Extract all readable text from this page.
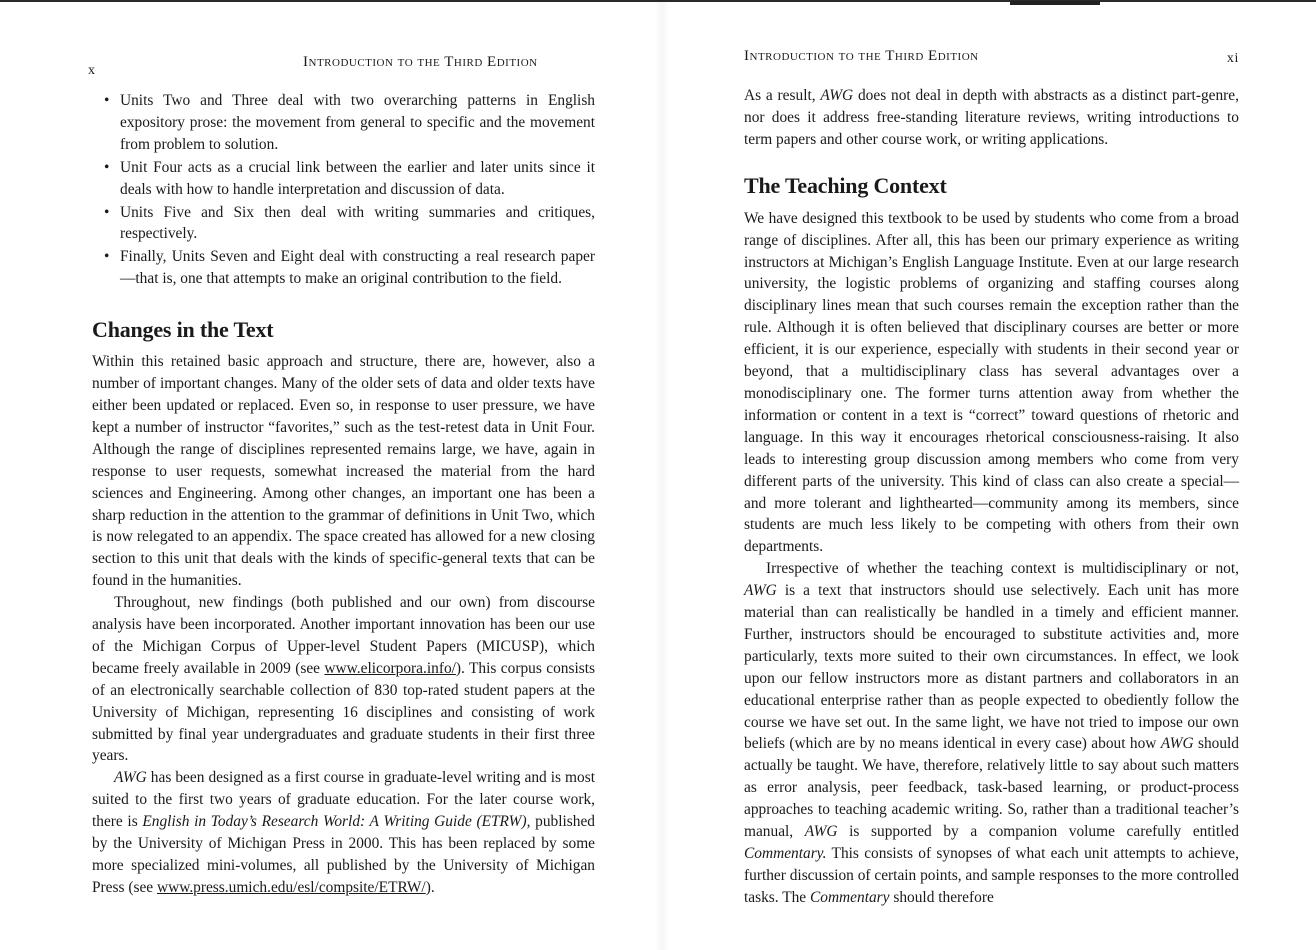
x
Introduction to the Third Edition
• Units Two and Three deal with two overarching patterns in English expository prose: the movement from general to specific and the movement from problem to solution.
• Unit Four acts as a crucial link between the earlier and later units since it deals with how to handle interpretation and discussion of data.
• Units Five and Six then deal with writing summaries and critiques, respectively.
• Finally, Units Seven and Eight deal with constructing a real research paper—that is, one that attempts to make an original contribution to the field.
Changes in the Text

Within this retained basic approach and structure, there are, however, also a number of important changes. Many of the older sets of data and older texts have either been updated or replaced. Even so, in response to user pressure, we have kept a number of instructor “favorites,” such as the test-retest data in Unit Four. Although the range of disciplines represented remains large, we have, again in response to user requests, somewhat increased the material from the hard sciences and Engineering. Among other changes, an important one has been a sharp reduction in the attention to the grammar of definitions in Unit Two, which is now relegated to an appendix. The space created has allowed for a new closing section to this unit that deals with the kinds of specific-general texts that can be found in the humanities.

Throughout, new findings (both published and our own) from discourse analysis have been incorporated. Another important innovation has been our use of the Michigan Corpus of Upper-level Student Papers (MICUSP), which became freely available in 2009 (see www.elicorpora.info/). This corpus consists of an electronically searchable collection of 830 top-rated student papers at the University of Michigan, representing 16 disciplines and consisting of work submitted by final year undergraduates and graduate students in their first three years.

AWG has been designed as a first course in graduate-level writing and is most suited to the first two years of graduate education. For the later course work, there is English in Today’s Research World: A Writing Guide (ETRW), published by the University of Michigan Press in 2000. This has been replaced by some more specialized mini-volumes, all published by the University of Michigan Press (see www.press.umich.edu/esl/compsite/ETRW/).

Introduction to the Third Edition	xi

As a result, AWG does not deal in depth with abstracts as a distinct part-genre, nor does it address free-standing literature reviews, writing introductions to term papers and other course work, or writing applications.

The Teaching Context

We have designed this textbook to be used by students who come from a broad range of disciplines. After all, this has been our primary experience as writing instructors at Michigan’s English Language Institute. Even at our large research university, the logistic problems of organizing and staffing courses along disciplinary lines mean that such courses remain the exception rather than the rule. Although it is often believed that disciplinary courses are better or more efficient, it is our experience, especially with students in their second year or beyond, that a multidisciplinary class has several advantages over a monodisciplinary one. The former turns attention away from whether the information or content in a text is “correct” toward questions of rhetoric and language. In this way it encourages rhetorical consciousness-raising. It also leads to interesting group discussion among members who come from very different parts of the university. This kind of class can also create a special—and more tolerant and lighthearted—community among its members, since students are much less likely to be competing with others from their own departments.

Irrespective of whether the teaching context is multidisciplinary or not, AWG is a text that instructors should use selectively. Each unit has more material than can realistically be handled in a timely and efficient manner. Further, instructors should be encouraged to substitute activities and, more particularly, texts more suited to their own circumstances. In effect, we look upon our fellow instructors more as distant partners and collaborators in an educational enterprise rather than as people expected to obediently follow the course we have set out. In the same light, we have not tried to impose our own beliefs (which are by no means identical in every case) about how AWG should actually be taught. We have, therefore, relatively little to say about such matters as error analysis, peer feedback, task-based learning, or product-process approaches to teaching academic writing. So, rather than a traditional teacher’s manual, AWG is supported by a companion volume carefully entitled Commentary. This consists of synopses of what each unit attempts to achieve, further discussion of certain points, and sample responses to the more controlled tasks. The Commentary should therefore
